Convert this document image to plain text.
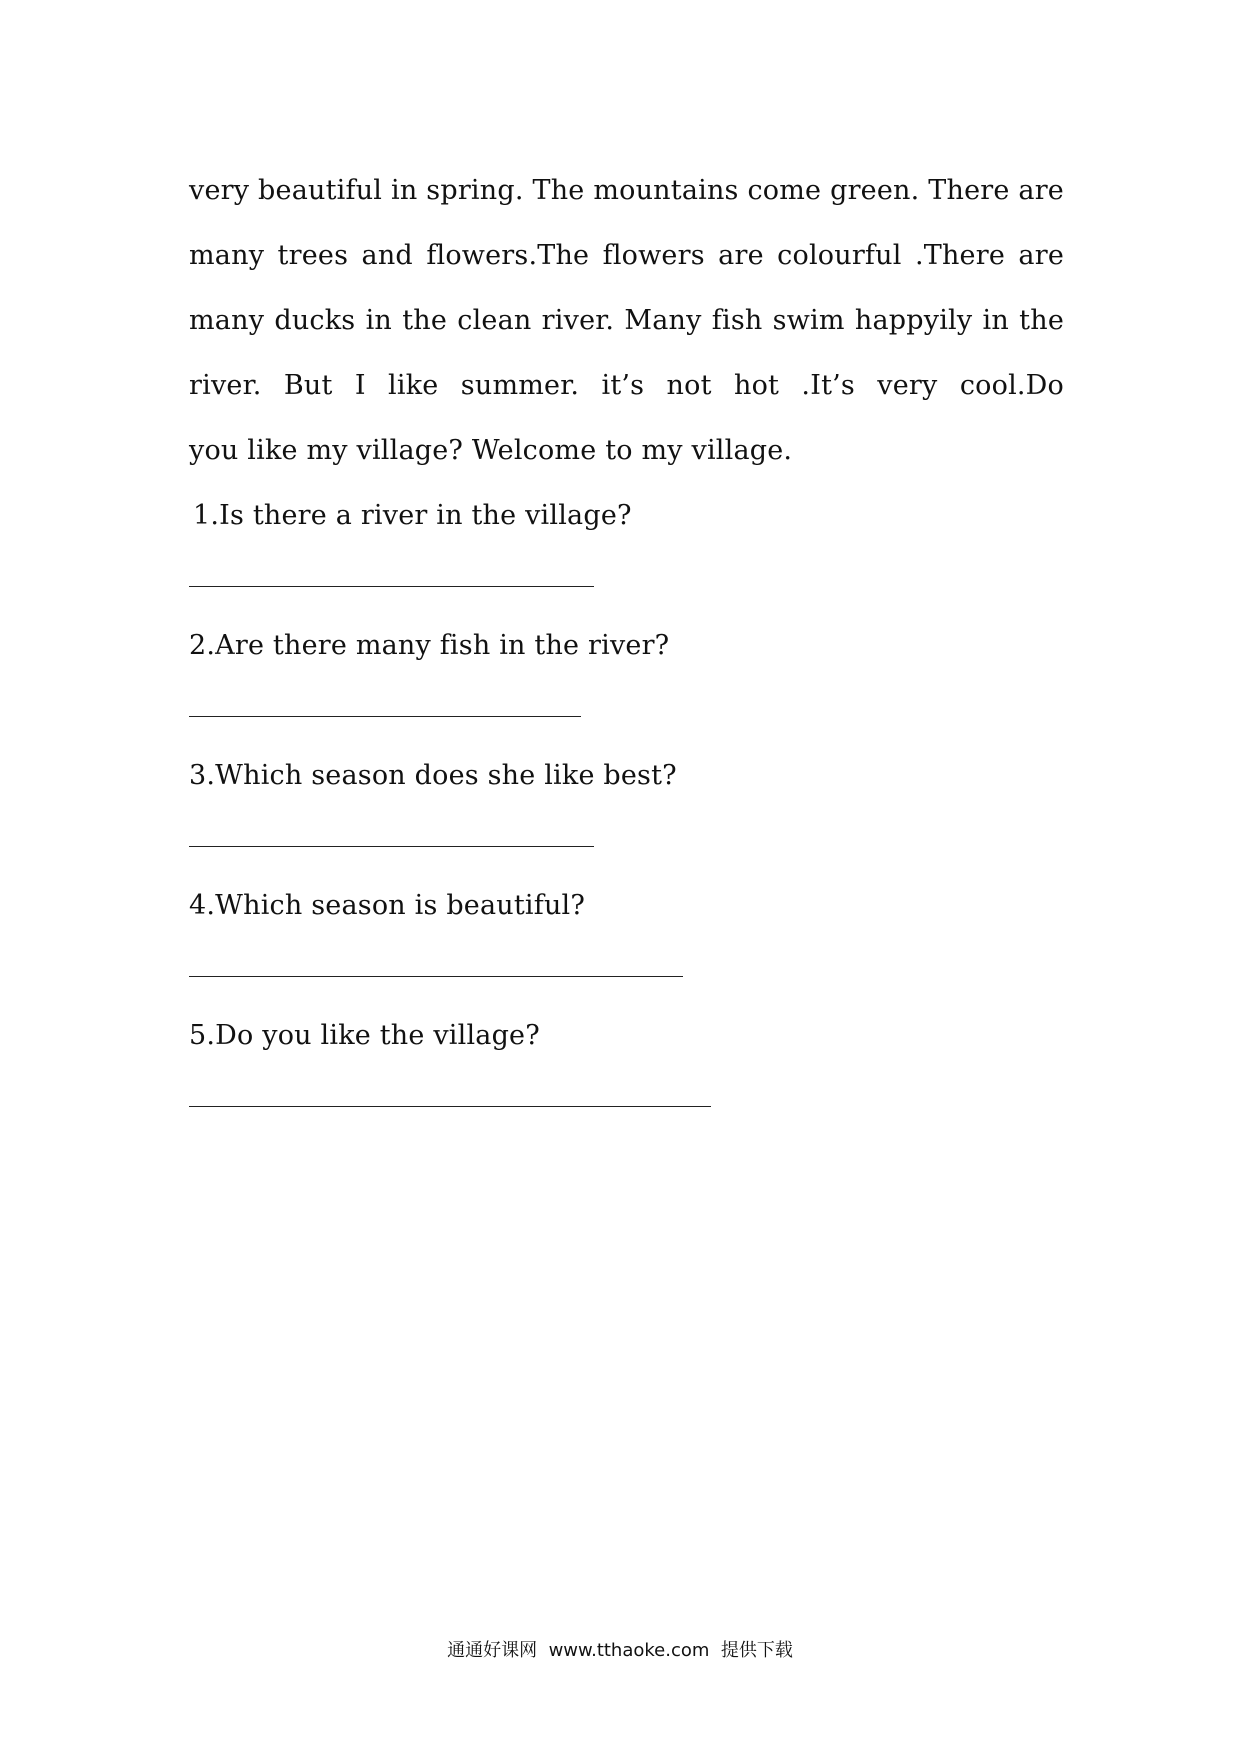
very beautiful in spring. The mountains come green. There are
many trees and flowers.The flowers are colourful .There are
many ducks in the clean river. Many fish swim happyily in the
river. But I like summer. it’s not hot .It’s very cool.Do
you like my village? Welcome to my village.
1.Is there a river in the village?
2.Are there many fish in the river?
3.Which season does she like best?
4.Which season is beautiful?
5.Do you like the village?
通通好课网  www.tthaoke.com  提供下载
